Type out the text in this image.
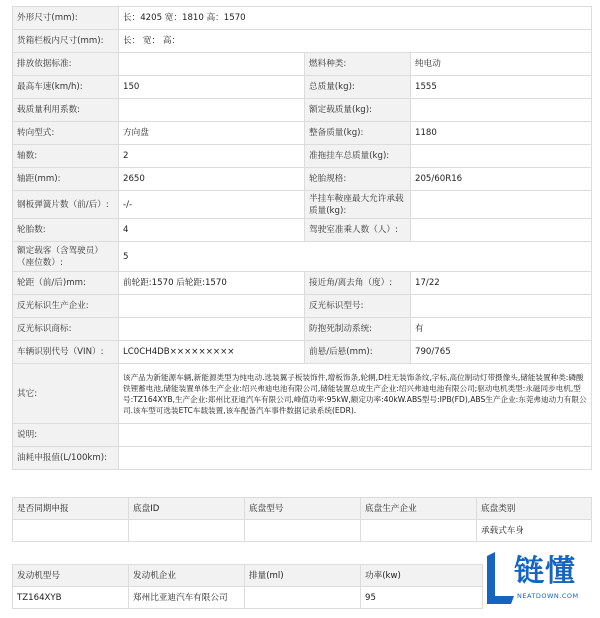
外形尺寸(mm):	长：4205 宽：1810 高：1570		
货箱栏板内尺寸(mm):	长： 宽： 高：		
排放依据标准:		燃料种类:	纯电动
最高车速(km/h):	150	总质量(kg):	1555
载质量利用系数:		额定载质量(kg):	
转向型式:	方向盘	整备质量(kg):	1180
轴数:	2	准拖挂车总质量(kg):	
轴距(mm):	2650	轮胎规格:	205/60R16
钢板弹簧片数（前/后）:	-/-	半挂车鞍座最大允许承载质量(kg):	
轮胎数:	4	驾驶室准乘人数（人）:	
额定载客（含驾驶员）（座位数）:	5		
轮距（前/后)mm:	前轮距:1570 后轮距:1570	接近角/离去角（度）:	17/22
反光标识生产企业:		反光标识型号:	
反光标识商标:		防抱死制动系统:	有
车辆识别代号（VIN）:	LC0CH4DB×××××××××	前悬/后悬(mm):	790/765
其它:	该产品为新能源车辆,新能源类型为纯电动.选装翼子板装饰件,增板饰条,轮辋,D柱无装饰条纹,字标,高位制动灯带摄像头,储能装置种类:磷酸铁锂蓄电池,储能装置单体生产企业:绍兴弗迪电池有限公司,储能装置总成生产企业:绍兴弗迪电池有限公司;驱动电机类型:永磁同步电机,型号:TZ164XYB,生产企业:郑州比亚迪汽车有限公司,峰值功率:95kW,额定功率:40kW.ABS型号:IPB(FD),ABS生产企业:东莞弗迪动力有限公司.该车型可选装ETC车载装置,该车配备汽车事件数据记录系统(EDR).		
说明:			
油耗申报值(L/100km):			
是否同期申报	底盘ID	底盘型号	底盘生产企业	底盘类别
				承载式车身
发动机型号	发动机企业	排量(ml)	功率(kw)
TZ164XYB	郑州比亚迪汽车有限公司		95
链懂
NEATDOWN.COM
